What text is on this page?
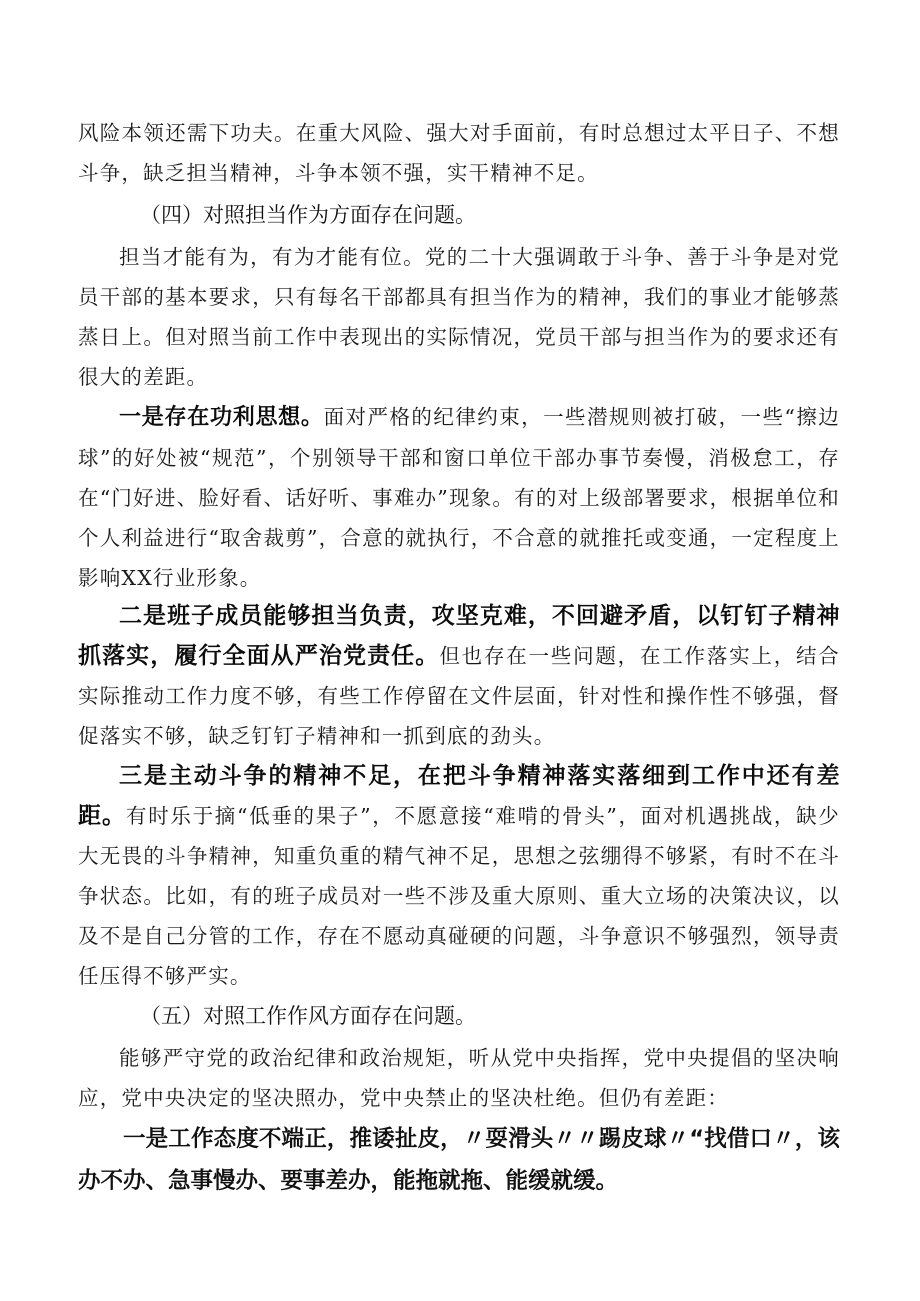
风险本领还需下功夫。在重大风险、强大对手面前，有时总想过太平日子、不想斗争，缺乏担当精神，斗争本领不强，实干精神不足。

（四）对照担当作为方面存在问题。

担当才能有为，有为才能有位。党的二十大强调敢于斗争、善于斗争是对党员干部的基本要求，只有每名干部都具有担当作为的精神，我们的事业才能够蒸蒸日上。但对照当前工作中表现出的实际情况，党员干部与担当作为的要求还有很大的差距。

一是存在功利思想。面对严格的纪律约束，一些潜规则被打破，一些“擦边球”的好处被“规范”，个别领导干部和窗口单位干部办事节奏慢，消极怠工，存在“门好进、脸好看、话好听、事难办”现象。有的对上级部署要求，根据单位和个人利益进行“取舍裁剪”，合意的就执行，不合意的就推托或变通，一定程度上影响XX行业形象。

二是班子成员能够担当负责，攻坚克难，不回避矛盾，以钉钉子精神抓落实，履行全面从严治党责任。但也存在一些问题，在工作落实上，结合实际推动工作力度不够，有些工作停留在文件层面，针对性和操作性不够强，督促落实不够，缺乏钉钉子精神和一抓到底的劲头。

三是主动斗争的精神不足，在把斗争精神落实落细到工作中还有差距。有时乐于摘“低垂的果子”，不愿意接“难啃的骨头”，面对机遇挑战，缺少大无畏的斗争精神，知重负重的精气神不足，思想之弦绷得不够紧，有时不在斗争状态。比如，有的班子成员对一些不涉及重大原则、重大立场的决策决议，以及不是自己分管的工作，存在不愿动真碰硬的问题，斗争意识不够强烈，领导责任压得不够严实。

（五）对照工作作风方面存在问题。

能够严守党的政治纪律和政治规矩，听从党中央指挥，党中央提倡的坚决响应，党中央决定的坚决照办，党中央禁止的坚决杜绝。但仍有差距：

一是工作态度不端正，推诿扯皮，〃耍滑头〃〃踢皮球〃“找借口〃，该办不办、急事慢办、要事差办，能拖就拖、能缓就缓。
